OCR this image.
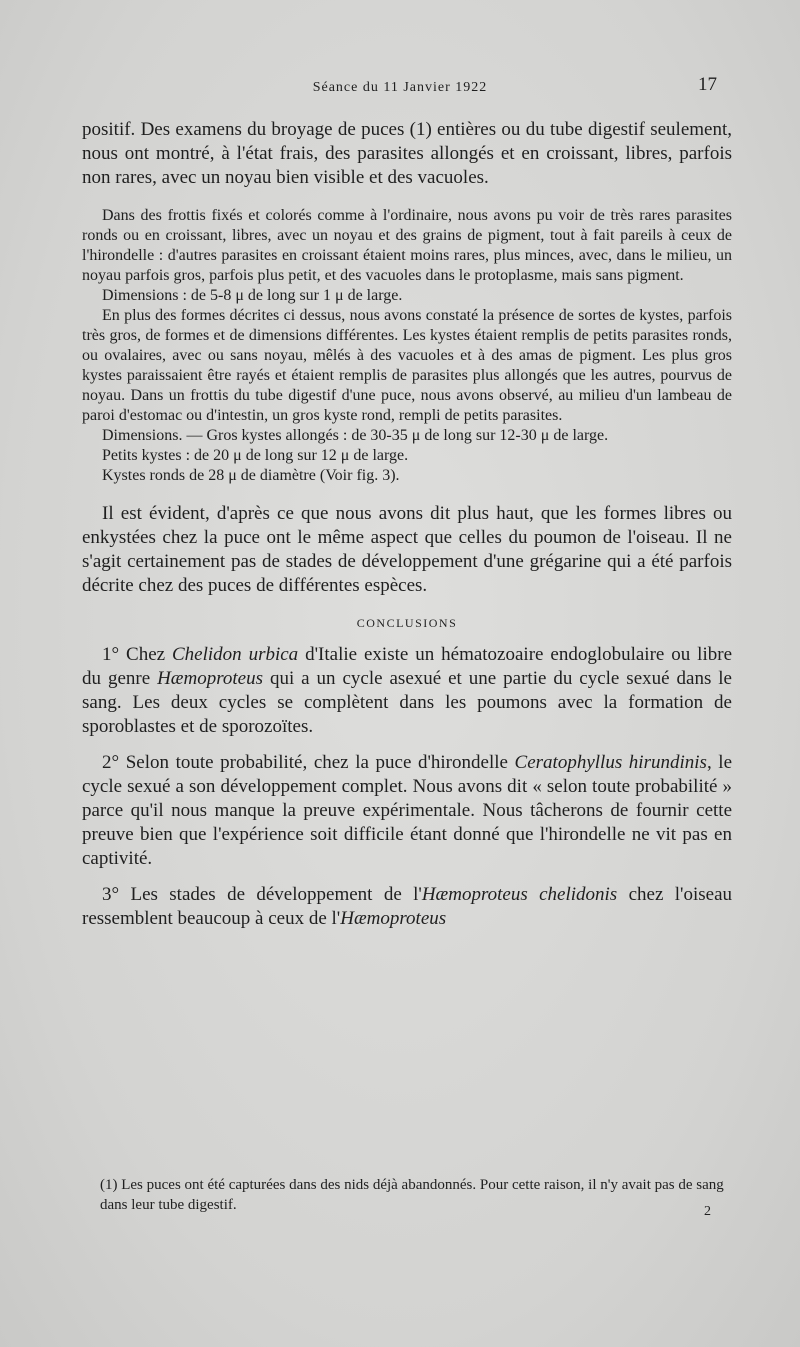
Séance du 11 Janvier 1922	17

positif. Des examens du broyage de puces (1) entières ou du tube digestif seulement, nous ont montré, à l'état frais, des parasites allongés et en croissant, libres, parfois non rares, avec un noyau bien visible et des vacuoles.

Dans des frottis fixés et colorés comme à l'ordinaire, nous avons pu voir de très rares parasites ronds ou en croissant, libres, avec un noyau et des grains de pigment, tout à fait pareils à ceux de l'hirondelle : d'autres parasites en croissant étaient moins rares, plus minces, avec, dans le milieu, un noyau parfois gros, parfois plus petit, et des vacuoles dans le protoplasme, mais sans pigment.

Dimensions : de 5-8 μ de long sur 1 μ de large.

En plus des formes décrites ci dessus, nous avons constaté la présence de sortes de kystes, parfois très gros, de formes et de dimensions différentes. Les kystes étaient remplis de petits parasites ronds, ou ovalaires, avec ou sans noyau, mêlés à des vacuoles et à des amas de pigment. Les plus gros kystes paraissaient être rayés et étaient remplis de parasites plus allongés que les autres, pourvus de noyau. Dans un frottis du tube digestif d'une puce, nous avons observé, au milieu d'un lambeau de paroi d'estomac ou d'intestin, un gros kyste rond, rempli de petits parasites.

Dimensions. — Gros kystes allongés : de 30-35 μ de long sur 12-30 μ de large.

Petits kystes : de 20 μ de long sur 12 μ de large.

Kystes ronds de 28 μ de diamètre (Voir fig. 3).

Il est évident, d'après ce que nous avons dit plus haut, que les formes libres ou enkystées chez la puce ont le même aspect que celles du poumon de l'oiseau. Il ne s'agit certainement pas de stades de développement d'une grégarine qui a été parfois décrite chez des puces de différentes espèces.

CONCLUSIONS

1° Chez Chelidon urbica d'Italie existe un hématozoaire endoglobulaire ou libre du genre Hæmoproteus qui a un cycle asexué et une partie du cycle sexué dans le sang. Les deux cycles se complètent dans les poumons avec la formation de sporoblastes et de sporozoïtes.

2° Selon toute probabilité, chez la puce d'hirondelle Ceratophyllus hirundinis, le cycle sexué a son développement complet. Nous avons dit « selon toute probabilité » parce qu'il nous manque la preuve expérimentale. Nous tâcherons de fournir cette preuve bien que l'expérience soit difficile étant donné que l'hirondelle ne vit pas en captivité.

3° Les stades de développement de l'Hæmoproteus chelidonis chez l'oiseau ressemblent beaucoup à ceux de l'Hæmoproteus

(1) Les puces ont été capturées dans des nids déjà abandonnés. Pour cette raison, il n'y avait pas de sang dans leur tube digestif.	2
